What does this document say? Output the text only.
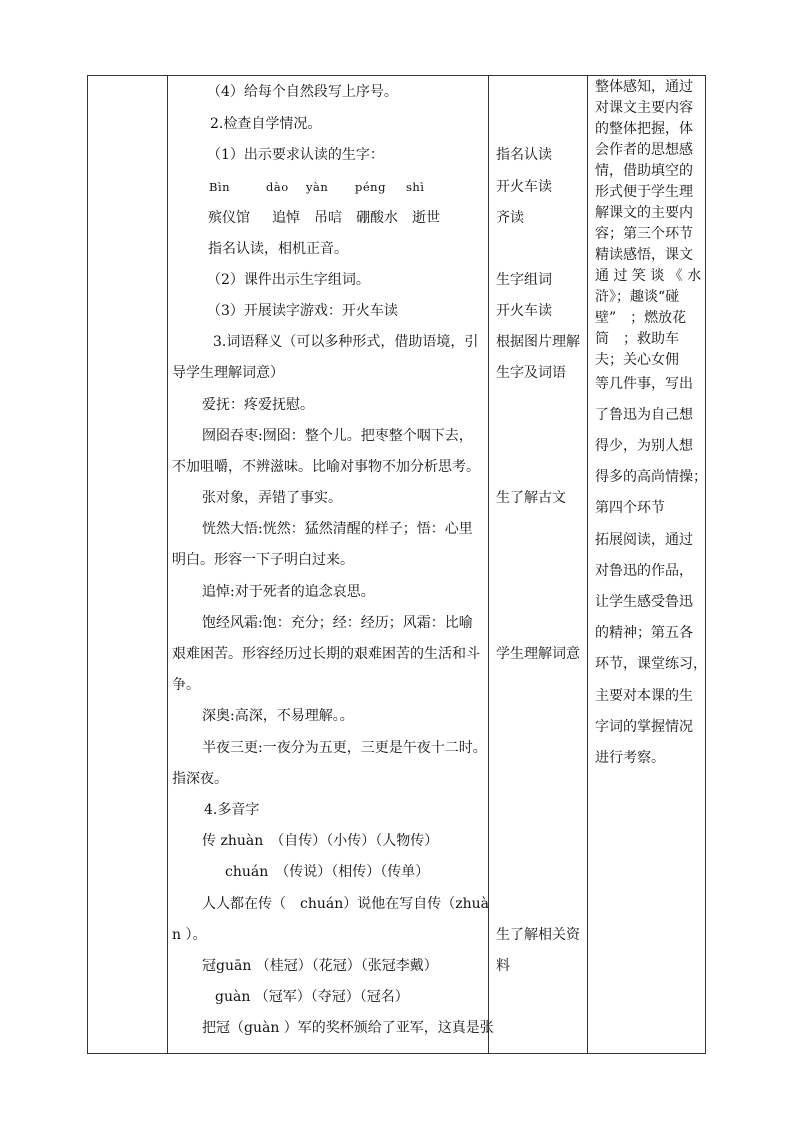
（4）给每个自然段写上序号。
2.检查自学情况。
（1）出示要求认读的生字：
Bìn	dào yàn péng shì
殡仪馆 追悼 吊唁 硼酸水 逝世
指名认读，相机正音。
（2）课件出示生字组词。
（3）开展读字游戏：开火车读
3.词语释义（可以多种形式，借助语境，引
导学生理解词意）
爱抚：疼爱抚慰。
囫囵吞枣:囫囵：整个儿。把枣整个咽下去，
不加咀嚼，不辨滋味。比喻对事物不加分析思考。
张对象，弄错了事实。
恍然大悟:恍然：猛然清醒的样子；悟：心里
明白。形容一下子明白过来。
追悼:对于死者的追念哀思。
饱经风霜:饱：充分；经：经历；风霜：比喻
艰难困苦。形容经历过长期的艰难困苦的生活和斗
争。
深奥:高深，不易理解。。
半夜三更:一夜分为五更，三更是午夜十二时。
指深夜。
4.多音字
传 zhuàn　（自传）（小传）（人物传）
chuán　（传说）（相传）（传单）
人人都在传（　chuán）说他在写自传（zhuà
n ）。
冠guān （桂冠）（花冠）（张冠李戴）
guàn （冠军）（夺冠）（冠名）
把冠（guàn ）军的奖杯颁给了亚军，这真是张
指名认读
开火车读
齐读
生字组词
开火车读
根据图片理解
生字及词语
生了解古文
学生理解词意
生了解相关资
料
整体感知，通过
对课文主要内容
的整体把握，体
会作者的思想感
情，借助填空的
形式便于学生理
解课文的主要内
容；第三个环节
精读感悟，课文
通 过 笑 谈 《 水
浒》；趣谈“碰
壁”　；燃放花
筒　；救助车
夫；关心女佣
等几件事，写出
了鲁迅为自己想
得少，为别人想
得多的高尚情操；
第四个环节
拓展阅读，通过
对鲁迅的作品，
让学生感受鲁迅
的精神；第五各
环节，课堂练习，
主要对本课的生
字词的掌握情况
进行考察。
